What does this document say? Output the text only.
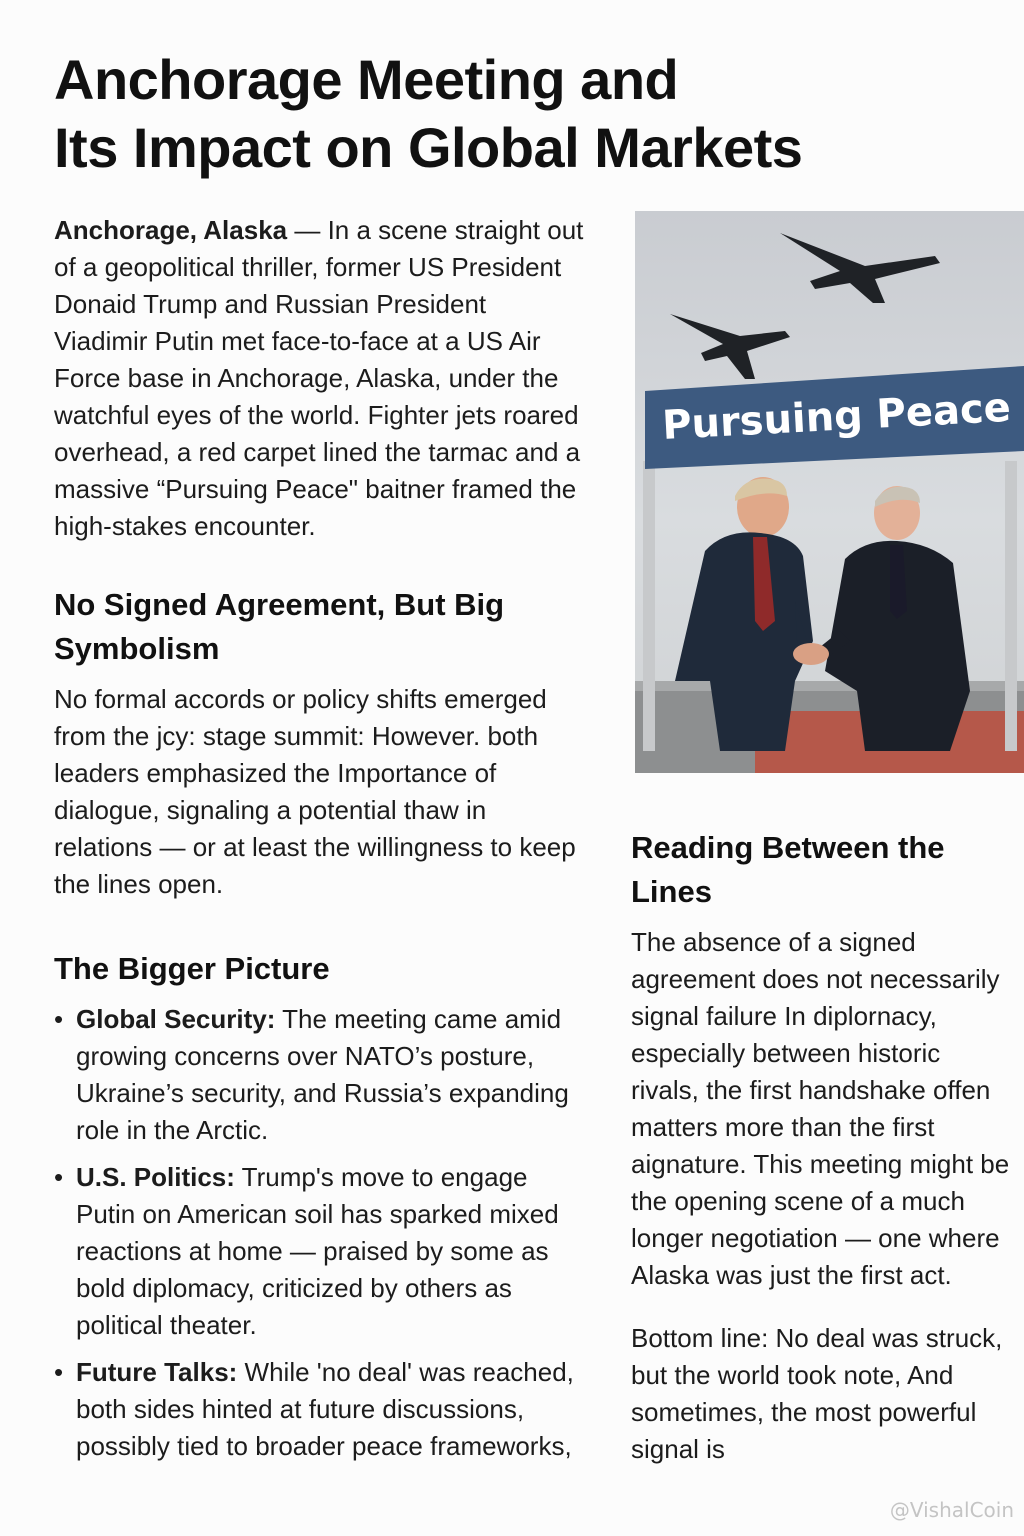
Anchorage Meeting and
Its Impact on Global Markets

Anchorage, Alaska — In a scene straight out of a geopolitical thriller, former US President Donaid Trump and Russian President Viadimir Putin met face-to-face at a US Air Force base in Anchorage, Alaska, under the watchful eyes of the world. Fighter jets roared overhead, a red carpet lined the tarmac and a massive “Pursuing Peace" baitner framed the high-stakes encounter.

No Signed Agreement, But Big Symbolism

No formal accords or policy shifts emerged from the jcy: stage summit: However. both leaders emphasized the Importance of dialogue, signaling a potential thaw in relations — or at least the willingness to keep the lines open.

The Bigger Picture
• Global Security: The meeting came amid growing concerns over NATO’s posture, Ukraine’s security, and Russia’s expanding role in the Arctic.
• U.S. Politics: Trump's move to engage Putin on American soil has sparked mixed reactions at home — praised by some as bold diplomacy, criticized by others as political theater.
• Future Talks: While 'no deal' was reached, both sides hinted at future discussions, possibly tied to broader peace frameworks,
Pursuing Peace
Reading Between the Lines

The absence of a signed agreement does not necessarily signal failure In diplornacy, especially between historic rivals, the first handshake offen matters more than the first aignature. This meeting might be the opening scene of a much longer negotiation — one where Alaska was just the first act.

Bottom line: No deal was struck, but the world took note, And sometimes, the most powerful signal is

@VishalCoin
